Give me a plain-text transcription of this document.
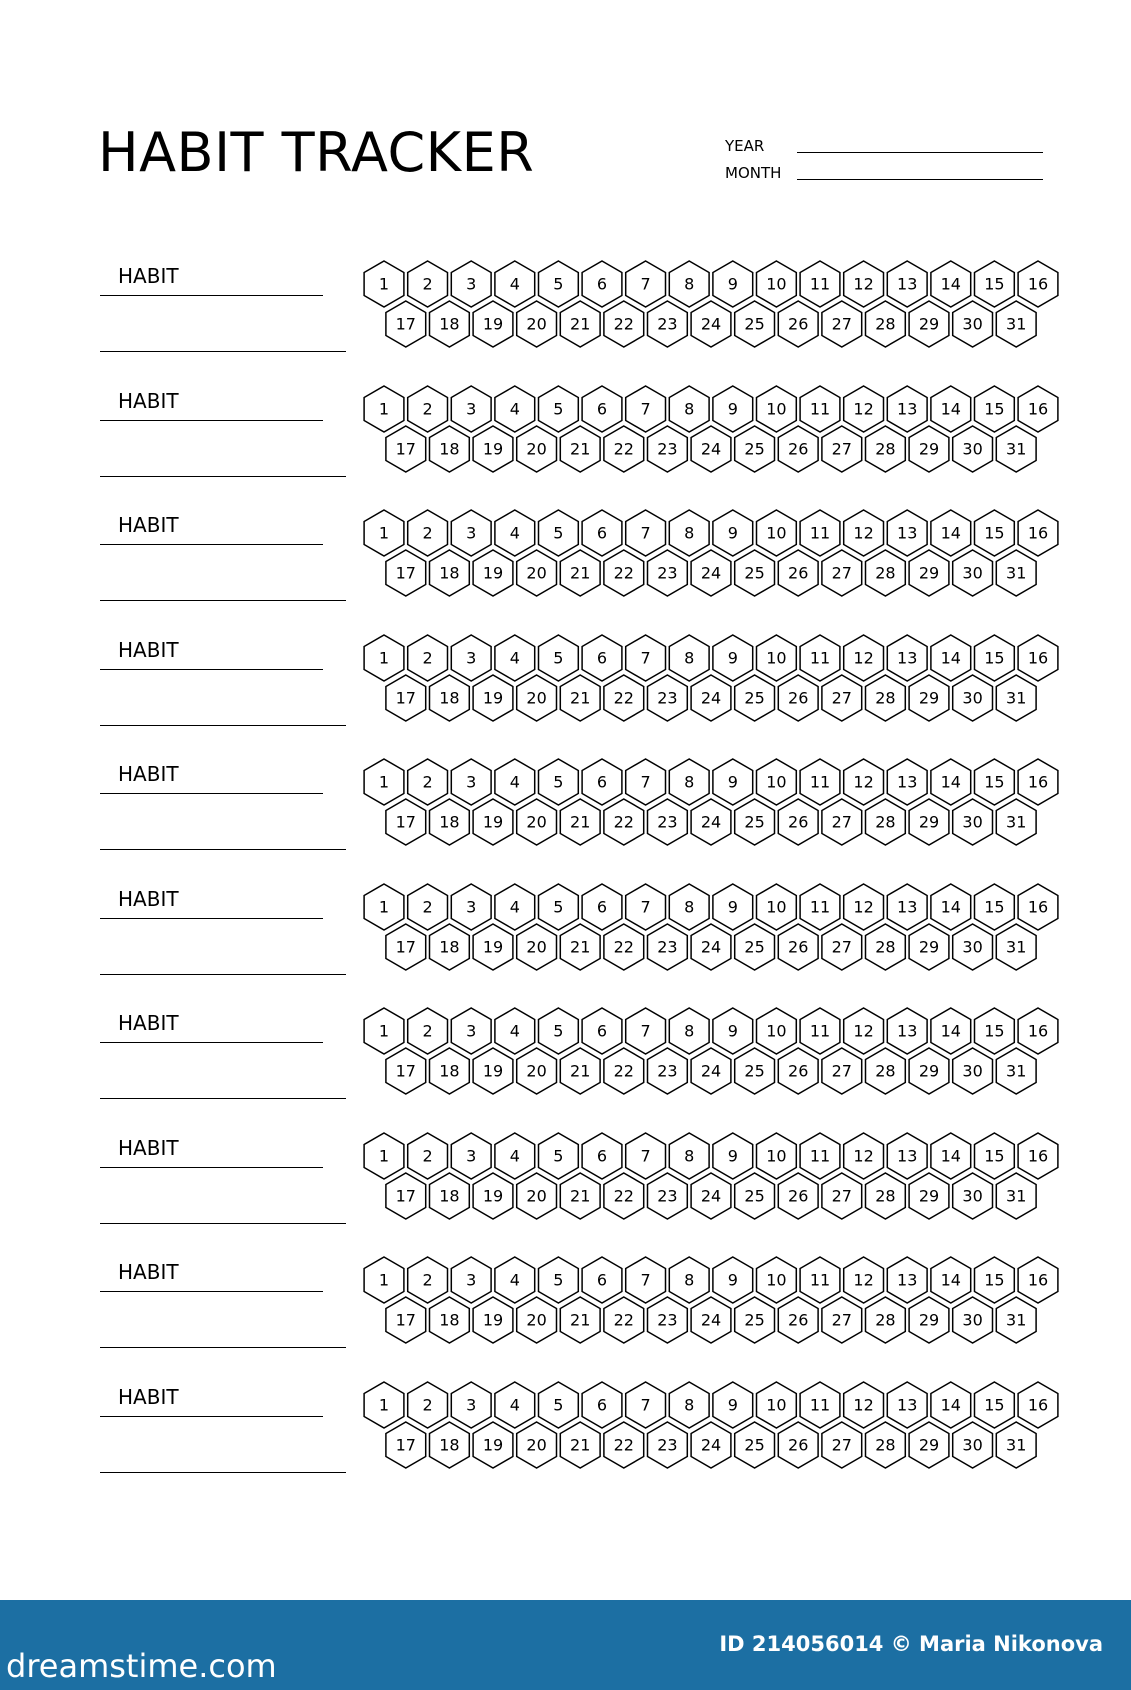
HABIT TRACKER	YEAR
MONTH
HABIT	1 2 3 4 5 6 7 8 9 10 11 12 13 14 15 16
17 18 19 20 21 22 23 24 25 26 27 28 29 30 31
HABIT	1 2 3 4 5 6 7 8 9 10 11 12 13 14 15 16
17 18 19 20 21 22 23 24 25 26 27 28 29 30 31
HABIT	1 2 3 4 5 6 7 8 9 10 11 12 13 14 15 16
17 18 19 20 21 22 23 24 25 26 27 28 29 30 31
HABIT	1 2 3 4 5 6 7 8 9 10 11 12 13 14 15 16
17 18 19 20 21 22 23 24 25 26 27 28 29 30 31
HABIT	1 2 3 4 5 6 7 8 9 10 11 12 13 14 15 16
17 18 19 20 21 22 23 24 25 26 27 28 29 30 31
HABIT	1 2 3 4 5 6 7 8 9 10 11 12 13 14 15 16
17 18 19 20 21 22 23 24 25 26 27 28 29 30 31
HABIT	1 2 3 4 5 6 7 8 9 10 11 12 13 14 15 16
17 18 19 20 21 22 23 24 25 26 27 28 29 30 31
HABIT	1 2 3 4 5 6 7 8 9 10 11 12 13 14 15 16
17 18 19 20 21 22 23 24 25 26 27 28 29 30 31
HABIT	1 2 3 4 5 6 7 8 9 10 11 12 13 14 15 16
17 18 19 20 21 22 23 24 25 26 27 28 29 30 31
HABIT	1 2 3 4 5 6 7 8 9 10 11 12 13 14 15 16
17 18 19 20 21 22 23 24 25 26 27 28 29 30 31
dreamstime.com
ID 214056014 © Maria Nikonova
